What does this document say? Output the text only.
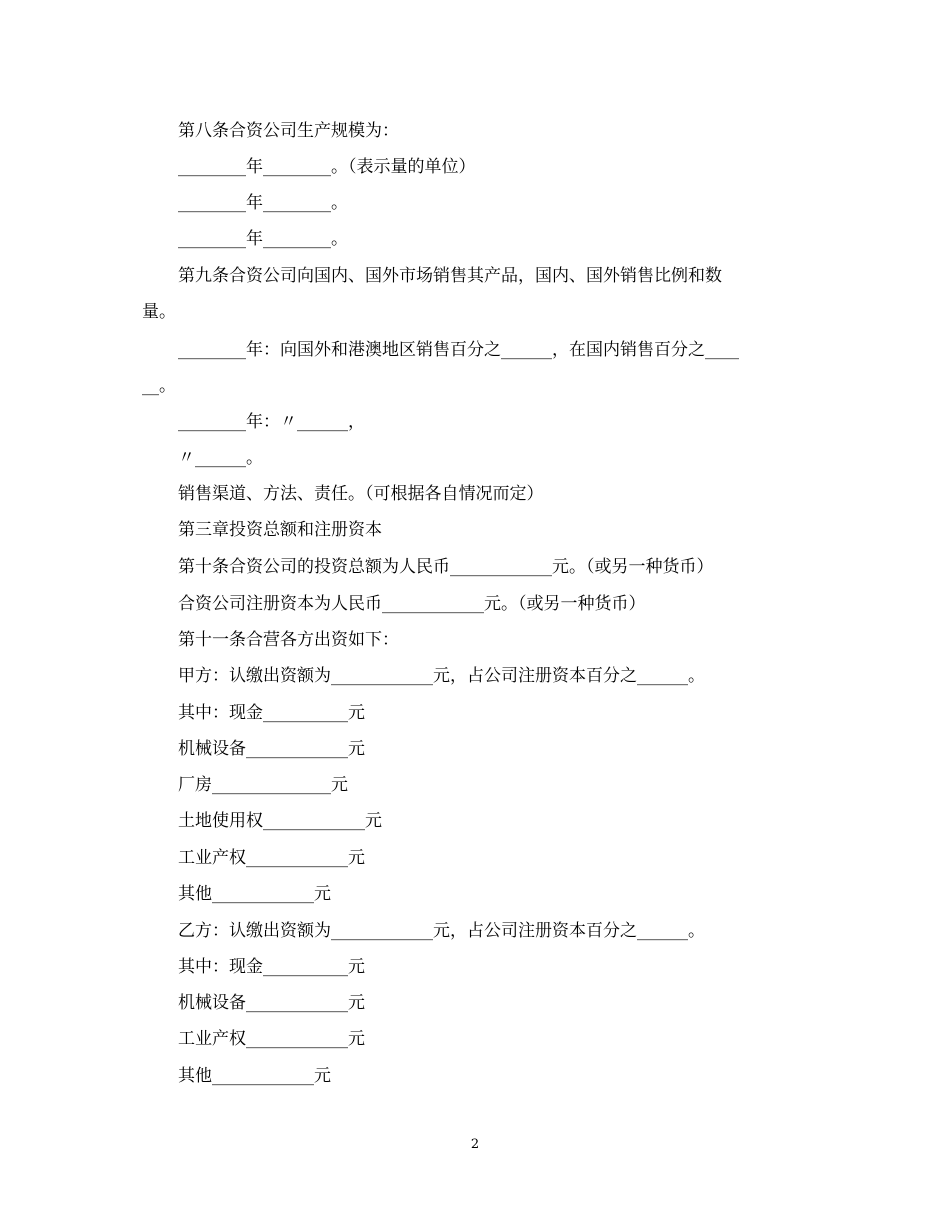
第八条合资公司生产规模为：
________年________。（表示量的单位）
________年________。
________年________。
第九条合资公司向国内、国外市场销售其产品，国内、国外销售比例和数
量。
________年：向国外和港澳地区销售百分之______，在国内销售百分之____
__。
________年：〃______，
〃______。
销售渠道、方法、责任。（可根据各自情况而定）
第三章投资总额和注册资本
第十条合资公司的投资总额为人民币____________元。（或另一种货币）
合资公司注册资本为人民币____________元。（或另一种货币）
第十一条合营各方出资如下：
甲方：认缴出资额为____________元，占公司注册资本百分之______。
其中：现金__________元
机械设备____________元
厂房______________元
土地使用权____________元
工业产权____________元
其他____________元
乙方：认缴出资额为____________元，占公司注册资本百分之______。
其中：现金__________元
机械设备____________元
工业产权____________元
其他____________元
2
